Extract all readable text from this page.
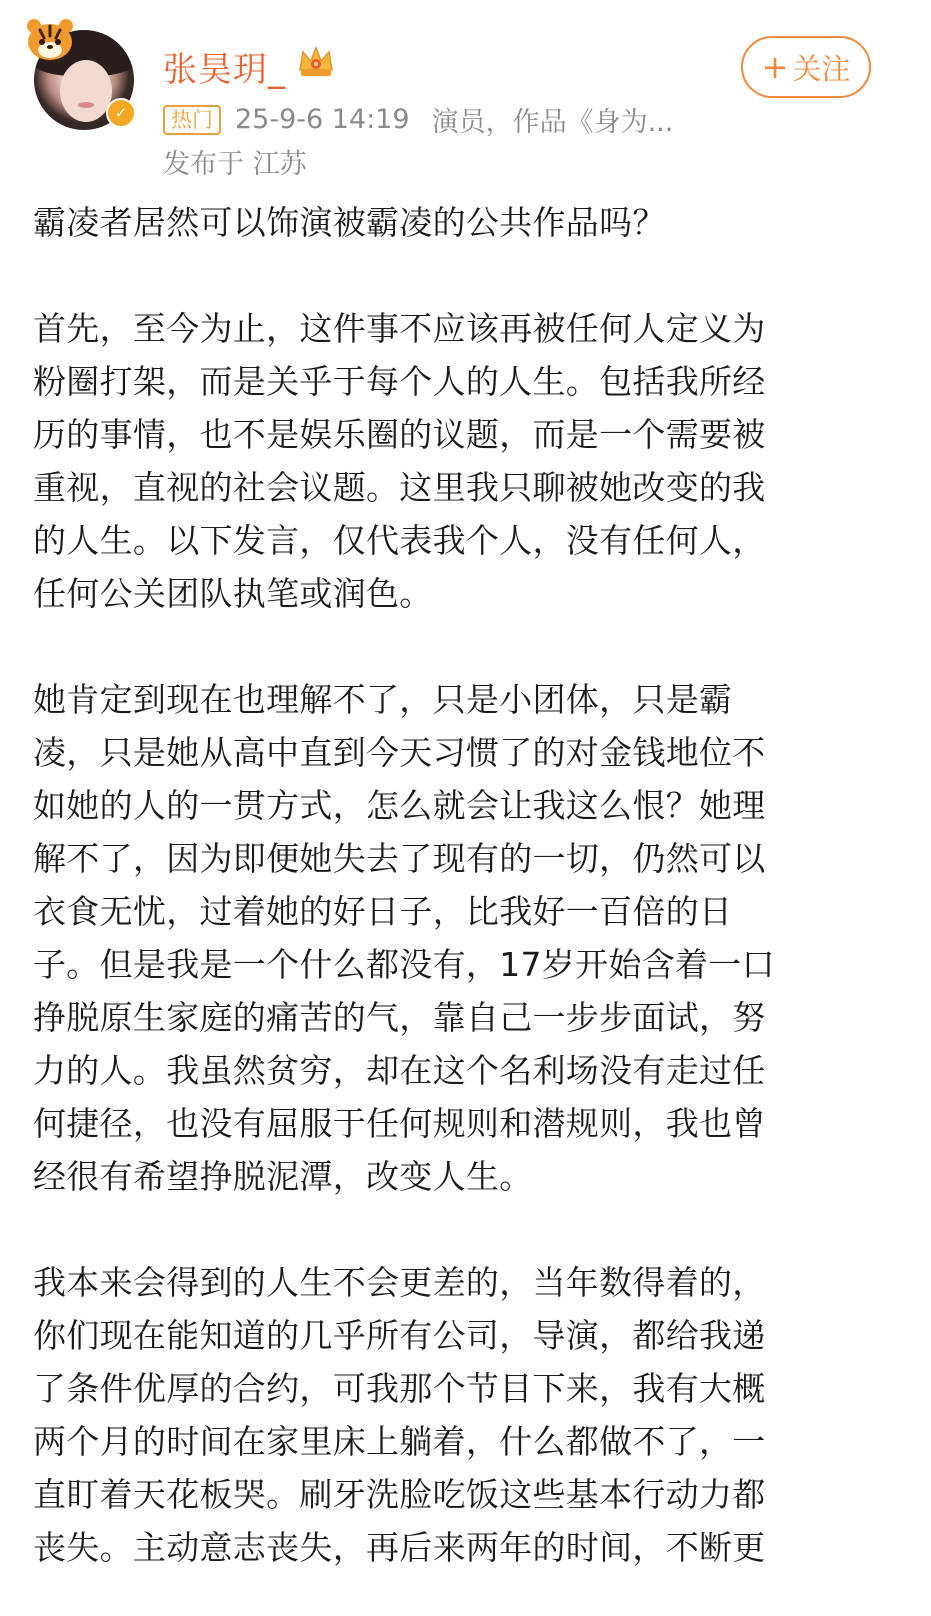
✓
张昊玥_
热门 25-9-6 14:19 演员，作品《身为...
发布于 江苏
+ 关注
霸凌者居然可以饰演被霸凌的公共作品吗？
首先，至今为止，这件事不应该再被任何人定义为
粉圈打架，而是关乎于每个人的人生。包括我所经
历的事情，也不是娱乐圈的议题，而是一个需要被
重视，直视的社会议题。这里我只聊被她改变的我
的人生。以下发言，仅代表我个人，没有任何人，
任何公关团队执笔或润色。
她肯定到现在也理解不了，只是小团体，只是霸
凌，只是她从高中直到今天习惯了的对金钱地位不
如她的人的一贯方式，怎么就会让我这么恨？她理
解不了，因为即便她失去了现有的一切，仍然可以
衣食无忧，过着她的好日子，比我好一百倍的日
子。但是我是一个什么都没有，17岁开始含着一口
挣脱原生家庭的痛苦的气，靠自己一步步面试，努
力的人。我虽然贫穷，却在这个名利场没有走过任
何捷径，也没有屈服于任何规则和潜规则，我也曾
经很有希望挣脱泥潭，改变人生。
我本来会得到的人生不会更差的，当年数得着的，
你们现在能知道的几乎所有公司，导演，都给我递
了条件优厚的合约，可我那个节目下来，我有大概
两个月的时间在家里床上躺着，什么都做不了，一
直盯着天花板哭。刷牙洗脸吃饭这些基本行动力都
丧失。主动意志丧失，再后来两年的时间，不断更
